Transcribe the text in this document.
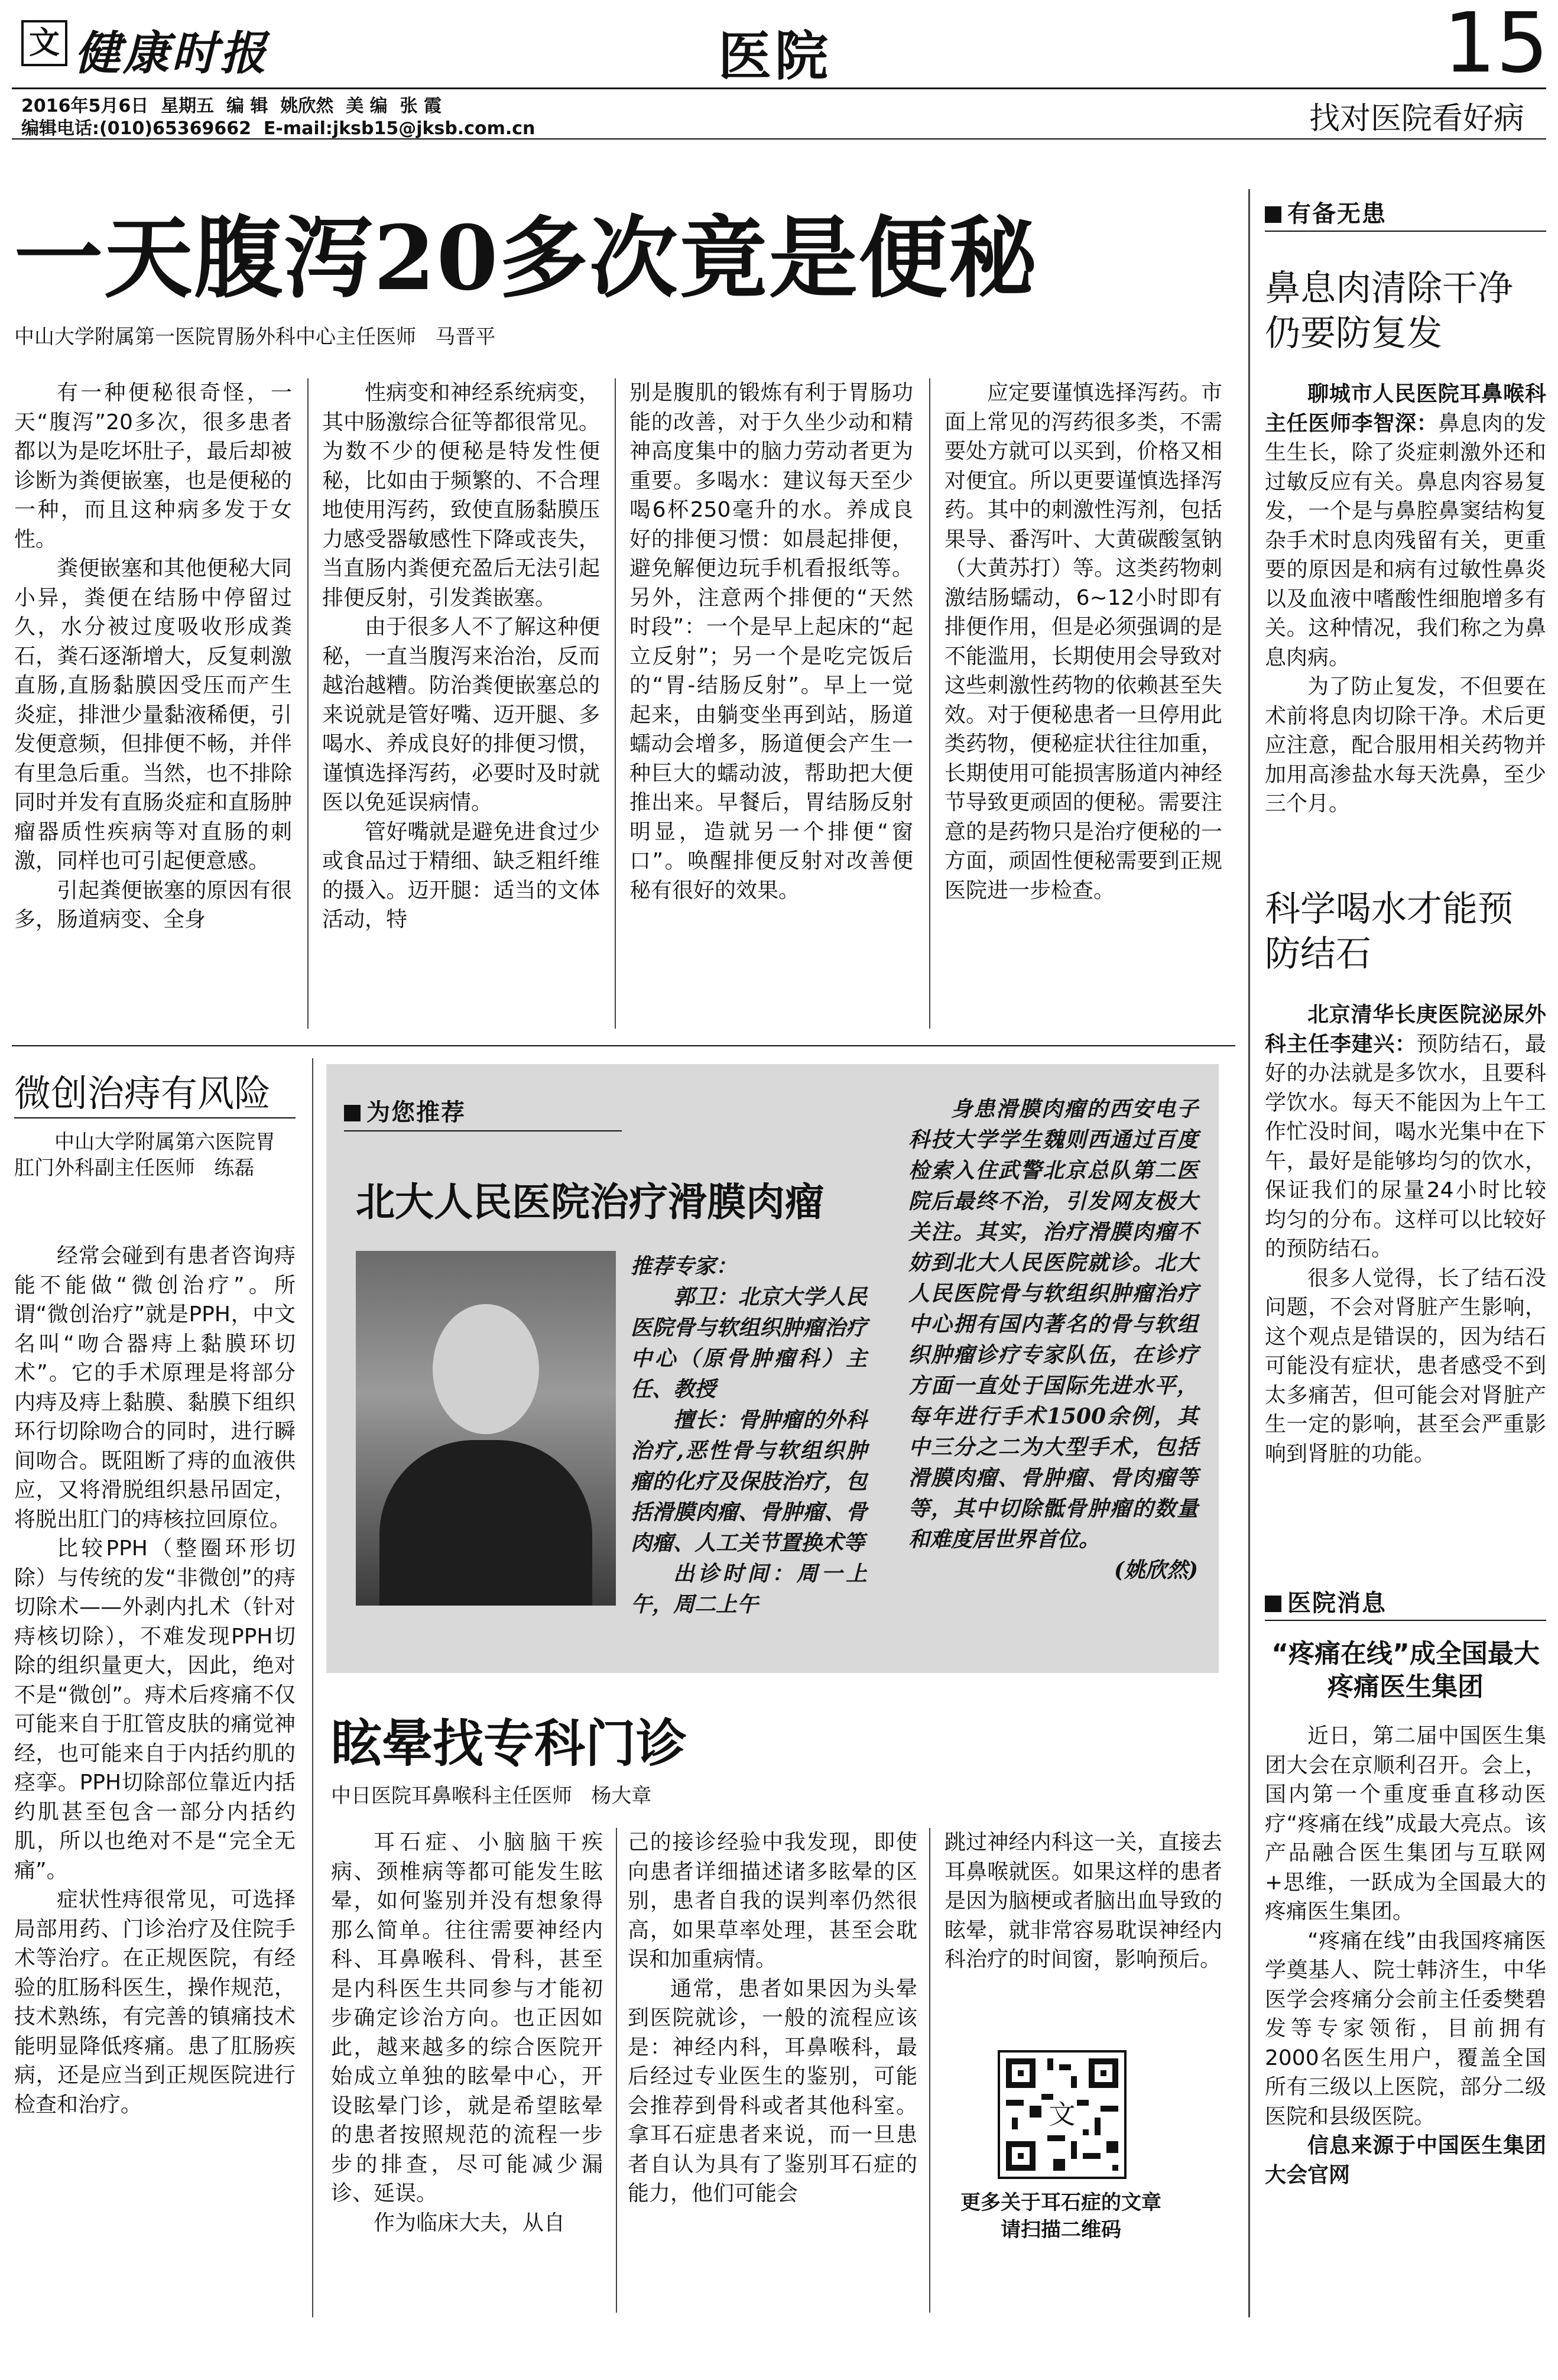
文 健康时报	医院	15
2016年5月6日  星期五  编 辑  姚欣然  美 编  张 霞
编辑电话:(010)65369662  E-mail:jksb15@jksb.com.cn	找对医院看好病
一天腹泻20多次竟是便秘
中山大学附属第一医院胃肠外科中心主任医师   马晋平

有一种便秘很奇怪，一天“腹泻”20多次，很多患者都以为是吃坏肚子，最后却被诊断为粪便嵌塞，也是便秘的一种，而且这种病多发于女性。

粪便嵌塞和其他便秘大同小异，粪便在结肠中停留过久，水分被过度吸收形成粪石，粪石逐渐增大，反复刺激直肠,直肠黏膜因受压而产生炎症，排泄少量黏液稀便，引发便意频，但排便不畅，并伴有里急后重。当然，也不排除同时并发有直肠炎症和直肠肿瘤器质性疾病等对直肠的刺激，同样也可引起便意感。

引起粪便嵌塞的原因有很多，肠道病变、全身

性病变和神经系统病变，其中肠激综合征等都很常见。为数不少的便秘是特发性便秘，比如由于频繁的、不合理地使用泻药，致使直肠黏膜压力感受器敏感性下降或丧失，当直肠内粪便充盈后无法引起排便反射，引发粪嵌塞。

由于很多人不了解这种便秘，一直当腹泻来治治，反而越治越糟。防治粪便嵌塞总的来说就是管好嘴、迈开腿、多喝水、养成良好的排便习惯，谨慎选择泻药，必要时及时就医以免延误病情。

管好嘴就是避免进食过少或食品过于精细、缺乏粗纤维的摄入。迈开腿：适当的文体活动，特

别是腹肌的锻炼有利于胃肠功能的改善，对于久坐少动和精神高度集中的脑力劳动者更为重要。多喝水：建议每天至少喝6杯250毫升的水。养成良好的排便习惯：如晨起排便，避免解便边玩手机看报纸等。另外，注意两个排便的“天然时段”：一个是早上起床的“起立反射”；另一个是吃完饭后的“胃-结肠反射”。早上一觉起来，由躺变坐再到站，肠道蠕动会增多，肠道便会产生一种巨大的蠕动波，帮助把大便推出来。早餐后，胃结肠反射明显，造就另一个排便“窗口”。唤醒排便反射对改善便秘有很好的效果。

应定要谨慎选择泻药。市面上常见的泻药很多类，不需要处方就可以买到，价格又相对便宜。所以更要谨慎选择泻药。其中的刺激性泻剂，包括果导、番泻叶、大黄碳酸氢钠（大黄苏打）等。这类药物刺激结肠蠕动，6~12小时即有排便作用，但是必须强调的是不能滥用，长期使用会导致对这些刺激性药物的依赖甚至失效。对于便秘患者一旦停用此类药物，便秘症状往往加重，长期使用可能损害肠道内神经节导致更顽固的便秘。需要注意的是药物只是治疗便秘的一方面，顽固性便秘需要到正规医院进一步检查。

有备无患
鼻息肉清除干净仍要防复发

聊城市人民医院耳鼻喉科主任医师李智深：鼻息肉的发生生长，除了炎症刺激外还和过敏反应有关。鼻息肉容易复发，一个是与鼻腔鼻窦结构复杂手术时息肉残留有关，更重要的原因是和病有过敏性鼻炎以及血液中嗜酸性细胞增多有关。这种情况，我们称之为鼻息肉病。

为了防止复发，不但要在术前将息肉切除干净。术后更应注意，配合服用相关药物并加用高渗盐水每天洗鼻，至少三个月。

科学喝水才能预防结石

北京清华长庚医院泌尿外科主任李建兴：预防结石，最好的办法就是多饮水，且要科学饮水。每天不能因为上午工作忙没时间，喝水光集中在下午，最好是能够均匀的饮水，保证我们的尿量24小时比较均匀的分布。这样可以比较好的预防结石。

很多人觉得，长了结石没问题，不会对肾脏产生影响，这个观点是错误的，因为结石可能没有症状，患者感受不到太多痛苦，但可能会对肾脏产生一定的影响，甚至会严重影响到肾脏的功能。

医院消息
“疼痛在线”成全国最大疼痛医生集团

近日，第二届中国医生集团大会在京顺利召开。会上，国内第一个重度垂直移动医疗“疼痛在线”成最大亮点。该产品融合医生集团与互联网+思维，一跃成为全国最大的疼痛医生集团。

“疼痛在线”由我国疼痛医学奠基人、院士韩济生，中华医学会疼痛分会前主任委樊碧发等专家领衔，目前拥有2000名医生用户，覆盖全国所有三级以上医院，部分二级医院和县级医院。

信息来源于中国医生集团大会官网

微创治痔有风险
中山大学附属第六医院胃肛门外科副主任医师   练磊

经常会碰到有患者咨询痔能不能做“微创治疗”。所谓“微创治疗”就是PPH，中文名叫“吻合器痔上黏膜环切术”。它的手术原理是将部分内痔及痔上黏膜、黏膜下组织环行切除吻合的同时，进行瞬间吻合。既阻断了痔的血液供应，又将滑脱组织悬吊固定，将脱出肛门的痔核拉回原位。

比较PPH（整圈环形切除）与传统的发“非微创”的痔切除术——外剥内扎术（针对痔核切除），不难发现PPH切除的组织量更大，因此，绝对不是“微创”。痔术后疼痛不仅可能来自于肛管皮肤的痛觉神经，也可能来自于内括约肌的痉挛。PPH切除部位靠近内括约肌甚至包含一部分内括约肌，所以也绝对不是“完全无痛”。

症状性痔很常见，可选择局部用药、门诊治疗及住院手术等治疗。在正规医院，有经验的肛肠科医生，操作规范，技术熟练，有完善的镇痛技术能明显降低疼痛。患了肛肠疾病，还是应当到正规医院进行检查和治疗。

为您推荐
北大人民医院治疗滑膜肉瘤
推荐专家：

郭卫：北京大学人民医院骨与软组织肿瘤治疗中心（原骨肿瘤科）主任、教授

擅长：骨肿瘤的外科治疗,恶性骨与软组织肿瘤的化疗及保肢治疗，包括滑膜肉瘤、骨肿瘤、骨肉瘤、人工关节置换术等

出诊时间：周一上午，周二上午

身患滑膜肉瘤的西安电子科技大学学生魏则西通过百度检索入住武警北京总队第二医院后最终不治，引发网友极大关注。其实，治疗滑膜肉瘤不妨到北大人民医院就诊。北大人民医院骨与软组织肿瘤治疗中心拥有国内著名的骨与软组织肿瘤诊疗专家队伍，在诊疗方面一直处于国际先进水平，每年进行手术1500余例，其中三分之二为大型手术，包括滑膜肉瘤、骨肿瘤、骨肉瘤等等，其中切除骶骨肿瘤的数量和难度居世界首位。

(姚欣然)
眩晕找专科门诊
中日医院耳鼻喉科主任医师   杨大章

耳石症、小脑脑干疾病、颈椎病等都可能发生眩晕，如何鉴别并没有想象得那么简单。往往需要神经内科、耳鼻喉科、骨科，甚至是内科医生共同参与才能初步确定诊治方向。也正因如此，越来越多的综合医院开始成立单独的眩晕中心，开设眩晕门诊，就是希望眩晕的患者按照规范的流程一步步的排查，尽可能减少漏诊、延误。

作为临床大夫，从自

己的接诊经验中我发现，即使向患者详细描述诸多眩晕的区别，患者自我的误判率仍然很高，如果草率处理，甚至会耽误和加重病情。

通常，患者如果因为头晕到医院就诊，一般的流程应该是：神经内科，耳鼻喉科，最后经过专业医生的鉴别，可能会推荐到骨科或者其他科室。拿耳石症患者来说，而一旦患者自认为具有了鉴别耳石症的能力，他们可能会

跳过神经内科这一关，直接去耳鼻喉就医。如果这样的患者是因为脑梗或者脑出血导致的眩晕，就非常容易耽误神经内科治疗的时间窗，影响预后。

文
更多关于耳石症的文章
请扫描二维码
